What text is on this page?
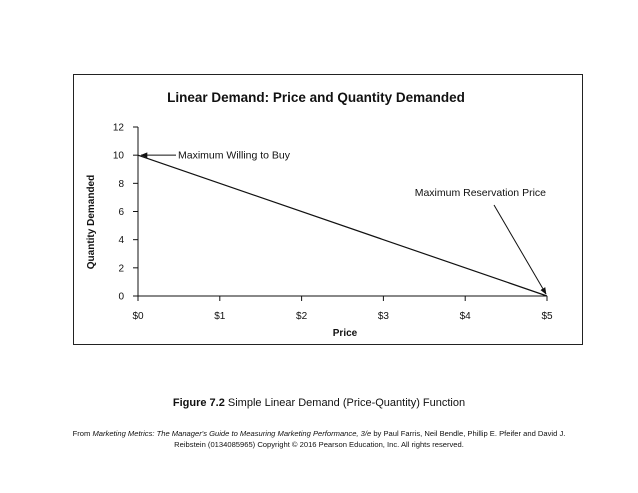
Linear Demand: Price and Quantity Demanded
Quantity Demanded
Price
0
2
4
6
8
10
12
$0	$1	$2	$3	$4	$5
Maximum Willing to Buy
Maximum Reservation Price
Figure 7.2 Simple Linear Demand (Price-Quantity) Function
From Marketing Metrics: The Manager's Guide to Measuring Marketing Performance, 3/e by Paul Farris, Neil Bendle, Phillip E. Pfeifer and David J.
Reibstein (0134085965) Copyright © 2016 Pearson Education, Inc. All rights reserved.
